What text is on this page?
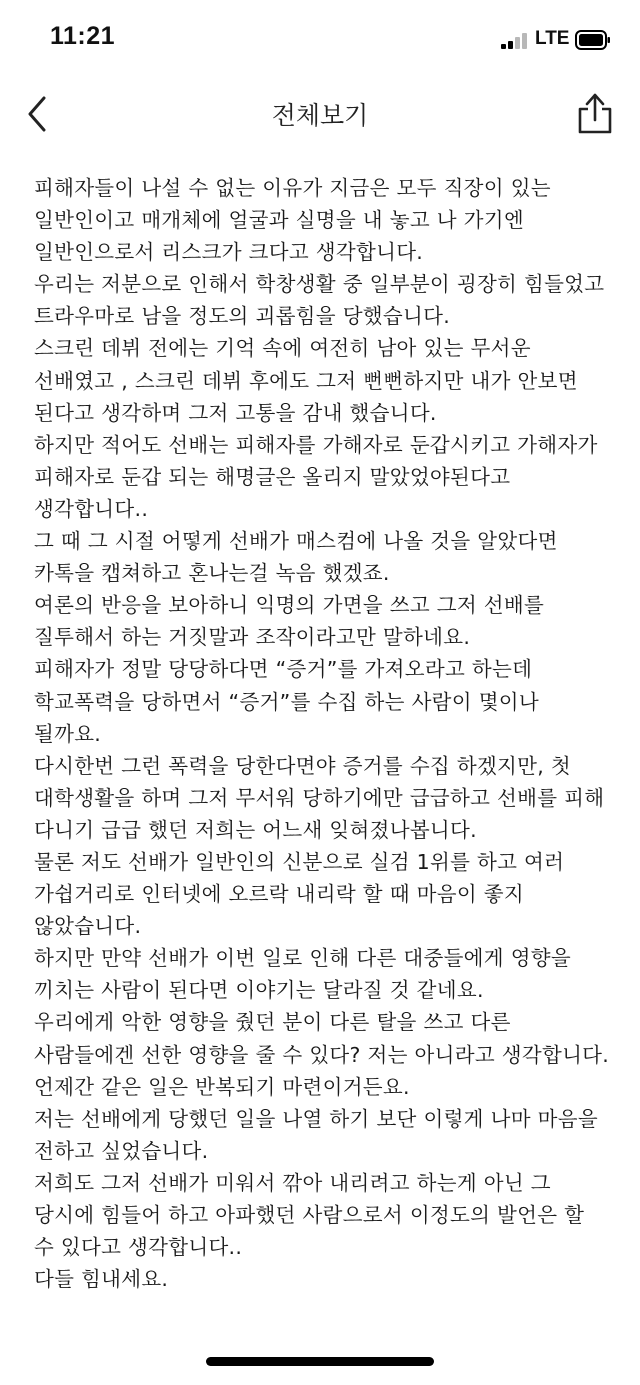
11:21	LTE
전체보기

피해자들이 나설 수 없는 이유가 지금은 모두 직장이 있는 일반인이고 매개체에 얼굴과 실명을 내 놓고 나 가기엔 일반인으로서 리스크가 크다고 생각합니다.

우리는 저분으로 인해서 학창생활 중 일부분이 굉장히 힘들었고 트라우마로 남을 정도의 괴롭힘을 당했습니다.

스크린 데뷔 전에는 기억 속에 여전히 남아 있는 무서운 선배였고 , 스크린 데뷔 후에도 그저 뻔뻔하지만 내가 안보면 된다고 생각하며 그저 고통을 감내 했습니다.

하지만 적어도 선배는 피해자를 가해자로 둔갑시키고 가해자가 피해자로 둔갑 되는 해명글은 올리지 말았었야된다고 생각합니다..

그 때 그 시절 어떻게 선배가 매스컴에 나올 것을 알았다면 카톡을 캡쳐하고 혼나는걸 녹음 했겠죠.

여론의 반응을 보아하니 익명의 가면을 쓰고 그저 선배를 질투해서 하는 거짓말과 조작이라고만 말하네요.

피해자가 정말 당당하다면 “증거”를 가져오라고 하는데 학교폭력을 당하면서 “증거”를 수집 하는 사람이 몇이나 될까요.

다시한번 그런 폭력을 당한다면야 증거를 수집 하겠지만, 첫 대학생활을 하며 그저 무서워 당하기에만 급급하고 선배를 피해 다니기 급급 했던 저희는 어느새 잊혀졌나봅니다.

물론 저도 선배가 일반인의 신분으로 실검 1위를 하고 여러 가쉽거리로 인터넷에 오르락 내리락 할 때 마음이 좋지 않았습니다.

하지만 만약 선배가 이번 일로 인해 다른 대중들에게 영향을 끼치는 사람이 된다면 이야기는 달라질 것 같네요.

우리에게 악한 영향을 줬던 분이 다른 탈을 쓰고 다른 사람들에겐 선한 영향을 줄 수 있다? 저는 아니라고 생각합니다. 언제간 같은 일은 반복되기 마련이거든요.

저는 선배에게 당했던 일을 나열 하기 보단 이렇게 나마 마음을 전하고 싶었습니다.

저희도 그저 선배가 미워서 깎아 내리려고 하는게 아닌 그 당시에 힘들어 하고 아파했던 사람으로서 이정도의 발언은 할 수 있다고 생각합니다..

다들 힘내세요.
